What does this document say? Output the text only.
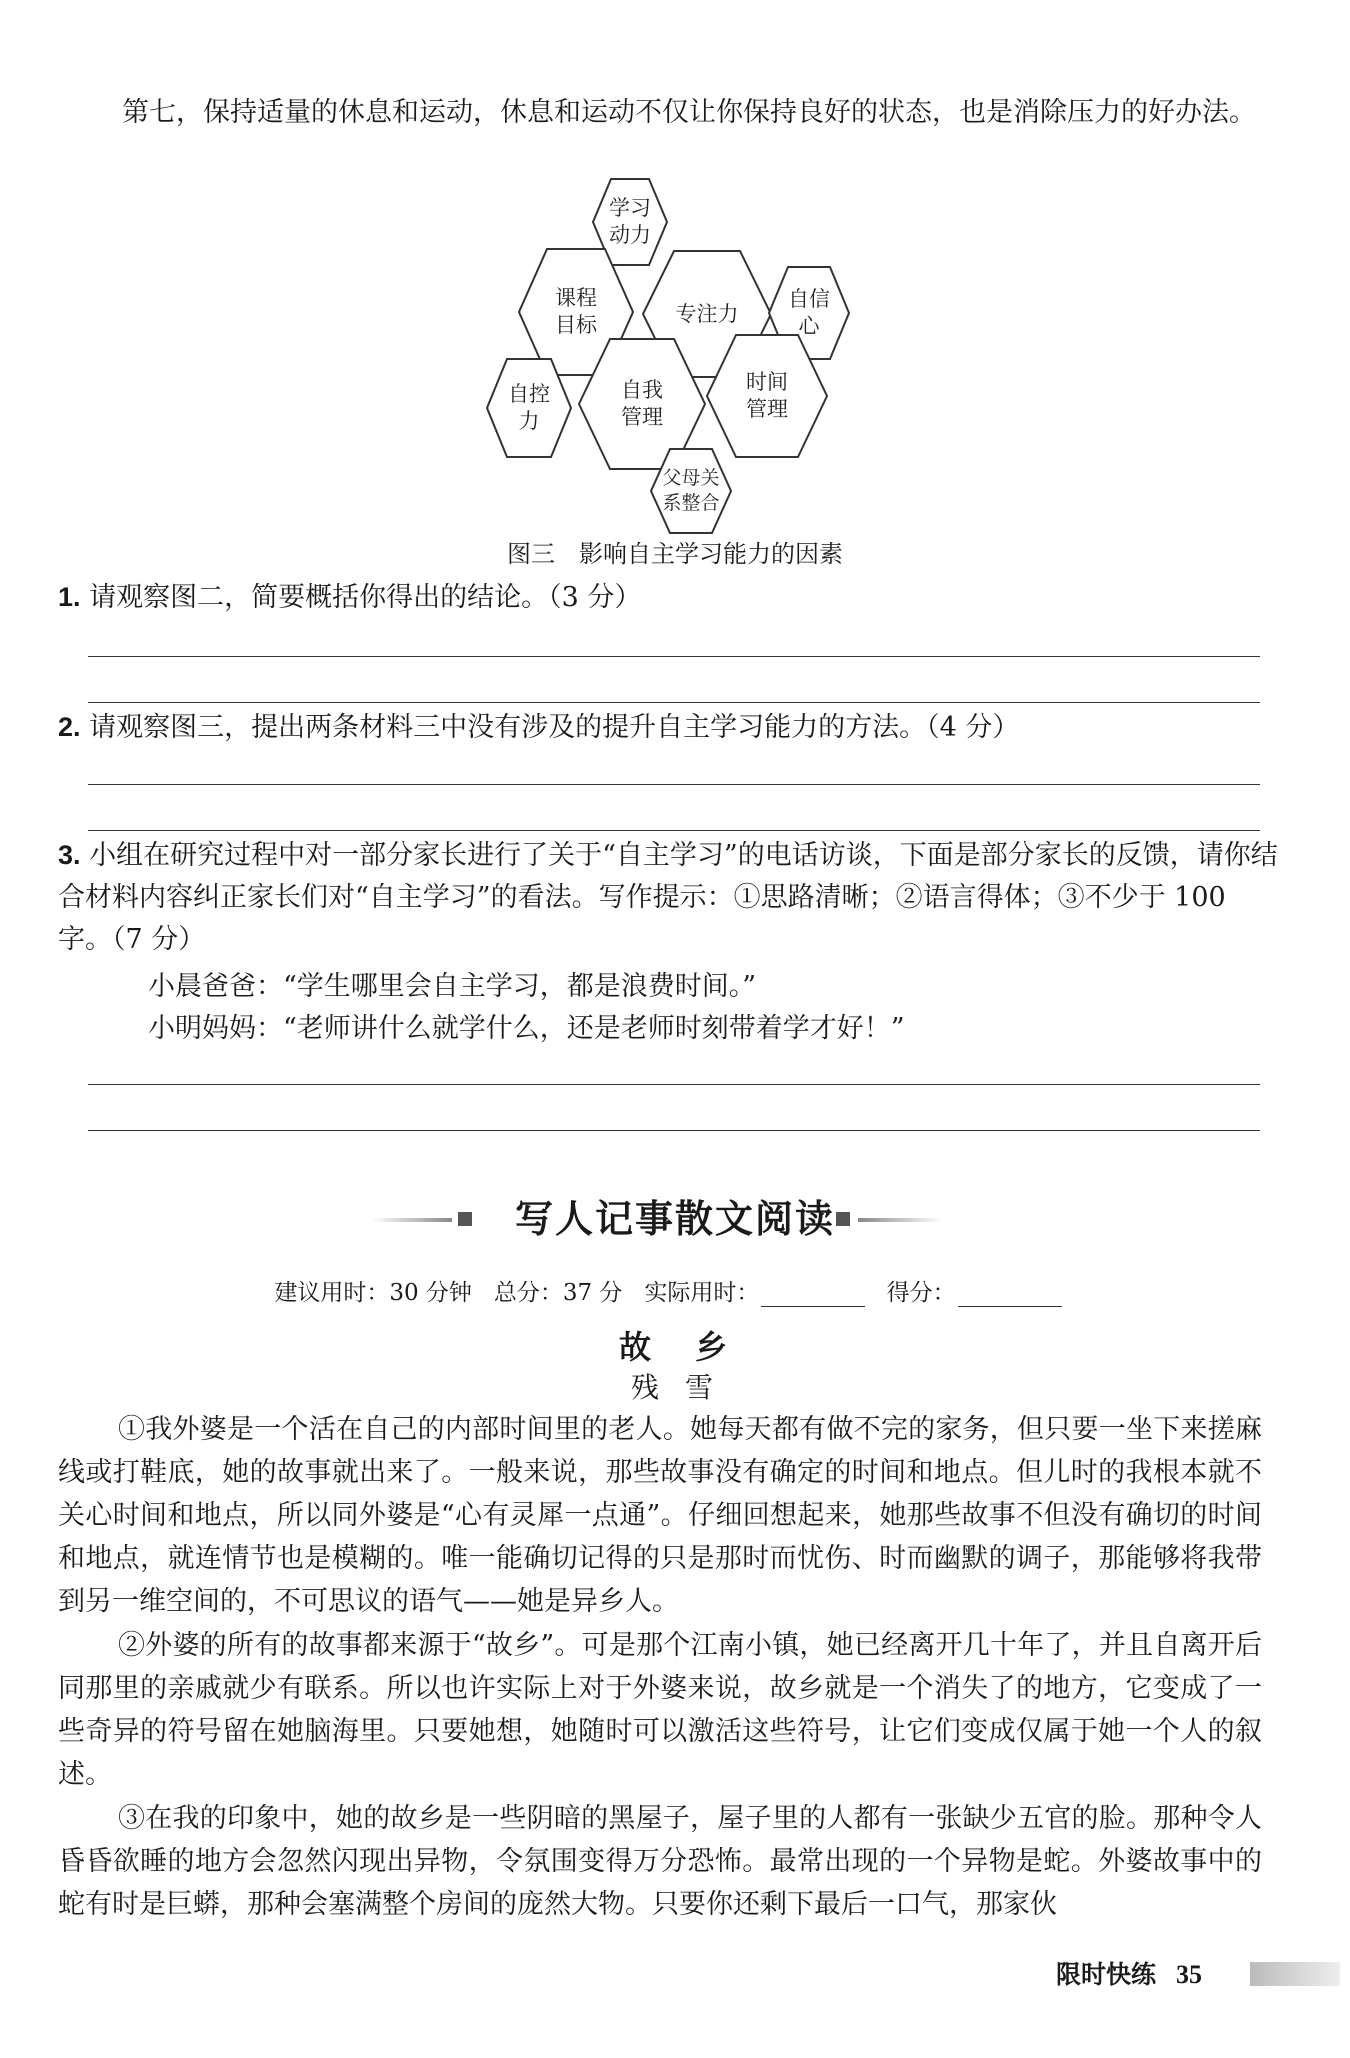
第七，保持适量的休息和运动，休息和运动不仅让你保持良好的状态，也是消除压力的好办法。
学习
动力
课程
目标	专注力
自信
心
自控
力
自我
管理
时间
管理
父母关
系整合
图三　影响自主学习能力的因素
1. 请观察图二，简要概括你得出的结论。（3 分）
2. 请观察图三，提出两条材料三中没有涉及的提升自主学习能力的方法。（4 分）
3. 小组在研究过程中对一部分家长进行了关于“自主学习”的电话访谈，下面是部分家长的反馈，请你结合材料内容纠正家长们对“自主学习”的看法。写作提示：①思路清晰；②语言得体；③不少于 100 字。（7 分）
小晨爸爸：“学生哪里会自主学习，都是浪费时间。”
小明妈妈：“老师讲什么就学什么，还是老师时刻带着学才好！”
写人记事散文阅读
建议用时：30 分钟 总分：37 分 实际用时：	得分：
故乡
残雪
①我外婆是一个活在自己的内部时间里的老人。她每天都有做不完的家务，但只要一坐下来搓麻线或打鞋底，她的故事就出来了。一般来说，那些故事没有确定的时间和地点。但儿时的我根本就不关心时间和地点，所以同外婆是“心有灵犀一点通”。仔细回想起来，她那些故事不但没有确切的时间和地点，就连情节也是模糊的。唯一能确切记得的只是那时而忧伤、时而幽默的调子，那能够将我带到另一维空间的，不可思议的语气——她是异乡人。
②外婆的所有的故事都来源于“故乡”。可是那个江南小镇，她已经离开几十年了，并且自离开后同那里的亲戚就少有联系。所以也许实际上对于外婆来说，故乡就是一个消失了的地方，它变成了一些奇异的符号留在她脑海里。只要她想，她随时可以激活这些符号，让它们变成仅属于她一个人的叙述。
③在我的印象中，她的故乡是一些阴暗的黑屋子，屋子里的人都有一张缺少五官的脸。那种令人昏昏欲睡的地方会忽然闪现出异物，令氛围变得万分恐怖。最常出现的一个异物是蛇。外婆故事中的蛇有时是巨蟒，那种会塞满整个房间的庞然大物。只要你还剩下最后一口气，那家伙
限时快练 35
